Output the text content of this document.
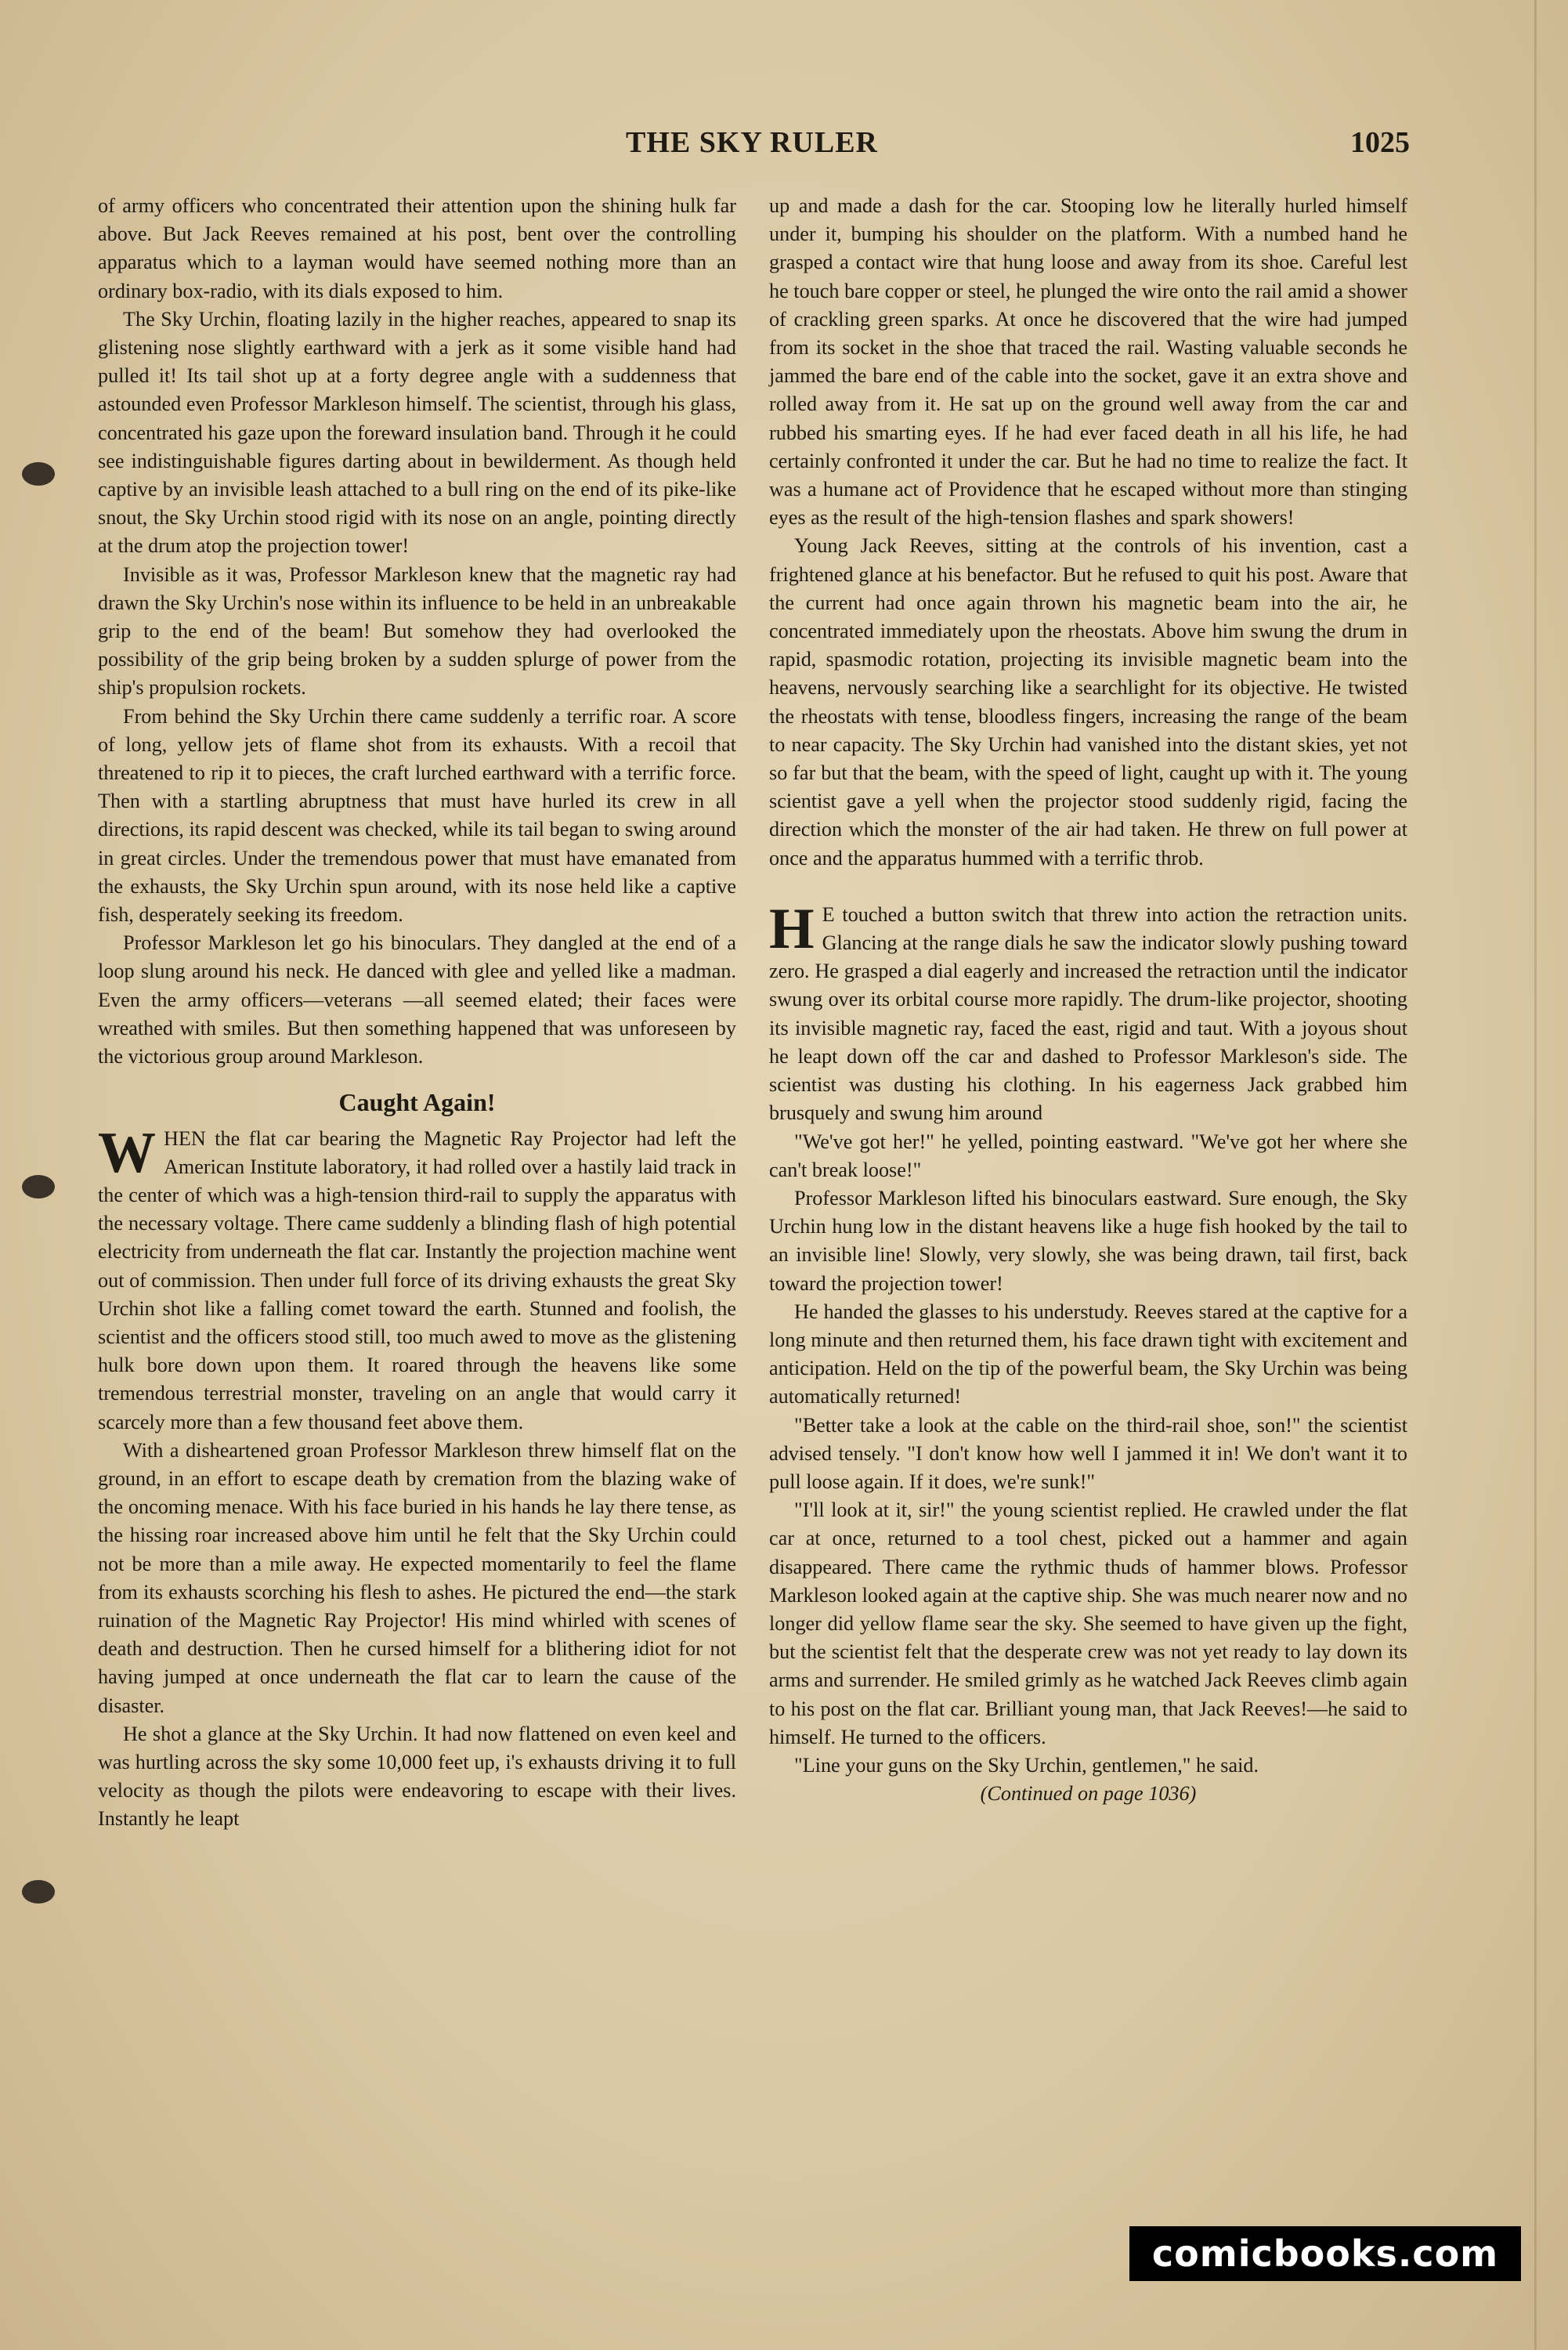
THE SKY RULER	1025

of army officers who concentrated their attention upon the shining hulk far above. But Jack Reeves remained at his post, bent over the controlling apparatus which to a layman would have seemed nothing more than an ordinary box-radio, with its dials exposed to him.

The Sky Urchin, floating lazily in the higher reaches, appeared to snap its glistening nose slightly earthward with a jerk as it some visible hand had pulled it! Its tail shot up at a forty degree angle with a suddenness that astounded even Professor Markleson himself. The scientist, through his glass, concentrated his gaze upon the foreward insulation band. Through it he could see indistinguishable figures darting about in bewilderment. As though held captive by an invisible leash attached to a bull ring on the end of its pike-like snout, the Sky Urchin stood rigid with its nose on an angle, pointing directly at the drum atop the projection tower!

Invisible as it was, Professor Markleson knew that the magnetic ray had drawn the Sky Urchin's nose within its influence to be held in an unbreakable grip to the end of the beam! But somehow they had overlooked the possibility of the grip being broken by a sudden splurge of power from the ship's propulsion rockets.

From behind the Sky Urchin there came suddenly a terrific roar. A score of long, yellow jets of flame shot from its exhausts. With a recoil that threatened to rip it to pieces, the craft lurched earthward with a terrific force. Then with a startling abruptness that must have hurled its crew in all directions, its rapid descent was checked, while its tail began to swing around in great circles. Under the tremendous power that must have emanated from the exhausts, the Sky Urchin spun around, with its nose held like a captive fish, desperately seeking its freedom.

Professor Markleson let go his binoculars. They dangled at the end of a loop slung around his neck. He danced with glee and yelled like a madman. Even the army officers—veterans —all seemed elated; their faces were wreathed with smiles. But then something happened that was unforeseen by the victorious group around Markleson.

Caught Again!

WHEN the flat car bearing the Magnetic Ray Projector had left the American Institute laboratory, it had rolled over a hastily laid track in the center of which was a high-tension third-rail to supply the apparatus with the necessary voltage. There came suddenly a blinding flash of high potential electricity from underneath the flat car. Instantly the projection machine went out of commission. Then under full force of its driving exhausts the great Sky Urchin shot like a falling comet toward the earth. Stunned and foolish, the scientist and the officers stood still, too much awed to move as the glistening hulk bore down upon them. It roared through the heavens like some tremendous terrestrial monster, traveling on an angle that would carry it scarcely more than a few thousand feet above them.

With a disheartened groan Professor Markleson threw himself flat on the ground, in an effort to escape death by cremation from the blazing wake of the oncoming menace. With his face buried in his hands he lay there tense, as the hissing roar increased above him until he felt that the Sky Urchin could not be more than a mile away. He expected momentarily to feel the flame from its exhausts scorching his flesh to ashes. He pictured the end—the stark ruination of the Magnetic Ray Projector! His mind whirled with scenes of death and destruction. Then he cursed himself for a blithering idiot for not having jumped at once underneath the flat car to learn the cause of the disaster.

He shot a glance at the Sky Urchin. It had now flattened on even keel and was hurtling across the sky some 10,000 feet up, i's exhausts driving it to full velocity as though the pilots were endeavoring to escape with their lives. Instantly he leapt

up and made a dash for the car. Stooping low he literally hurled himself under it, bumping his shoulder on the platform. With a numbed hand he grasped a contact wire that hung loose and away from its shoe. Careful lest he touch bare copper or steel, he plunged the wire onto the rail amid a shower of crackling green sparks. At once he discovered that the wire had jumped from its socket in the shoe that traced the rail. Wasting valuable seconds he jammed the bare end of the cable into the socket, gave it an extra shove and rolled away from it. He sat up on the ground well away from the car and rubbed his smarting eyes. If he had ever faced death in all his life, he had certainly confronted it under the car. But he had no time to realize the fact. It was a humane act of Providence that he escaped without more than stinging eyes as the result of the high-tension flashes and spark showers!

Young Jack Reeves, sitting at the controls of his invention, cast a frightened glance at his benefactor. But he refused to quit his post. Aware that the current had once again thrown his magnetic beam into the air, he concentrated immediately upon the rheostats. Above him swung the drum in rapid, spasmodic rotation, projecting its invisible magnetic beam into the heavens, nervously searching like a searchlight for its objective. He twisted the rheostats with tense, bloodless fingers, increasing the range of the beam to near capacity. The Sky Urchin had vanished into the distant skies, yet not so far but that the beam, with the speed of light, caught up with it. The young scientist gave a yell when the projector stood suddenly rigid, facing the direction which the monster of the air had taken. He threw on full power at once and the apparatus hummed with a terrific throb.

H E touched a button switch that threw into action the retraction units. Glancing at the range dials he saw the indicator slowly pushing toward zero. He grasped a dial eagerly and increased the retraction until the indicator swung over its orbital course more rapidly. The drum-like projector, shooting its invisible magnetic ray, faced the east, rigid and taut. With a joyous shout he leapt down off the car and dashed to Professor Markleson's side. The scientist was dusting his clothing. In his eagerness Jack grabbed him brusquely and swung him around

"We've got her!" he yelled, pointing eastward. "We've got her where she can't break loose!"

Professor Markleson lifted his binoculars eastward. Sure enough, the Sky Urchin hung low in the distant heavens like a huge fish hooked by the tail to an invisible line! Slowly, very slowly, she was being drawn, tail first, back toward the projection tower!

He handed the glasses to his understudy. Reeves stared at the captive for a long minute and then returned them, his face drawn tight with excitement and anticipation. Held on the tip of the powerful beam, the Sky Urchin was being automatically returned!

"Better take a look at the cable on the third-rail shoe, son!" the scientist advised tensely. "I don't know how well I jammed it in! We don't want it to pull loose again. If it does, we're sunk!"

"I'll look at it, sir!" the young scientist replied. He crawled under the flat car at once, returned to a tool chest, picked out a hammer and again disappeared. There came the rythmic thuds of hammer blows. Professor Markleson looked again at the captive ship. She was much nearer now and no longer did yellow flame sear the sky. She seemed to have given up the fight, but the scientist felt that the desperate crew was not yet ready to lay down its arms and surrender. He smiled grimly as he watched Jack Reeves climb again to his post on the flat car. Brilliant young man, that Jack Reeves!—he said to himself. He turned to the officers.

"Line your guns on the Sky Urchin, gentlemen," he said.

(Continued on page 1036)

comicbooks.com
